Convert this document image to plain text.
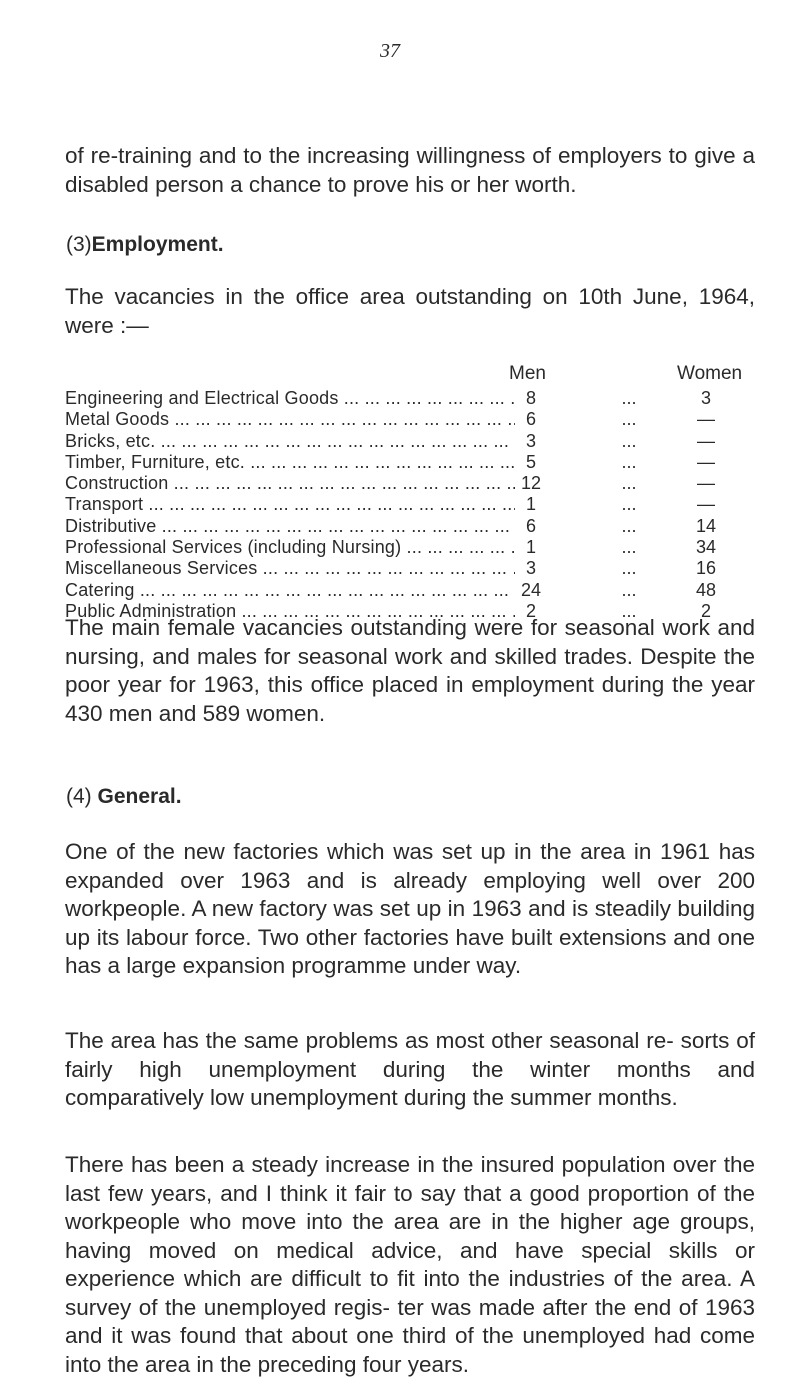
37

of re-training and to the increasing willingness of employers to give a disabled person a chance to prove his or her worth.

(3)Employment.

The vacancies in the office area outstanding on 10th June, 1964, were :—

Men	Women
Engineering and Electrical Goods ... .	8	...	3
Metal Goods ... .	6	...	—
Bricks, etc. ... .	3	...	—
Timber, Furniture, etc. ... .	5	...	—
Construction ... .	12	...	—
Transport ... .	1	...	—
Distributive ... .	6	...	14
Professional Services (including Nursing) ... .	1	...	34
Miscellaneous Services ... .	3	...	16
Catering ... .	24	...	48
Public Administration ... .	2	...	2

The main female vacancies outstanding were for seasonal work and nursing, and males for seasonal work and skilled trades. Despite the poor year for 1963, this office placed in employment during the year 430 men and 589 women.

(4) General.

One of the new factories which was set up in the area in 1961 has expanded over 1963 and is already employing well over 200 workpeople. A new factory was set up in 1963 and is steadily building up its labour force. Two other factories have built extensions and one has a large expansion programme under way.

The area has the same problems as most other seasonal re- sorts of fairly high unemployment during the winter months and comparatively low unemployment during the summer months.

There has been a steady increase in the insured population over the last few years, and I think it fair to say that a good proportion of the workpeople who move into the area are in the higher age groups, having moved on medical advice, and have special skills or experience which are difficult to fit into the industries of the area. A survey of the unemployed regis- ter was made after the end of 1963 and it was found that about one third of the unemployed had come into the area in the preceding four years.
